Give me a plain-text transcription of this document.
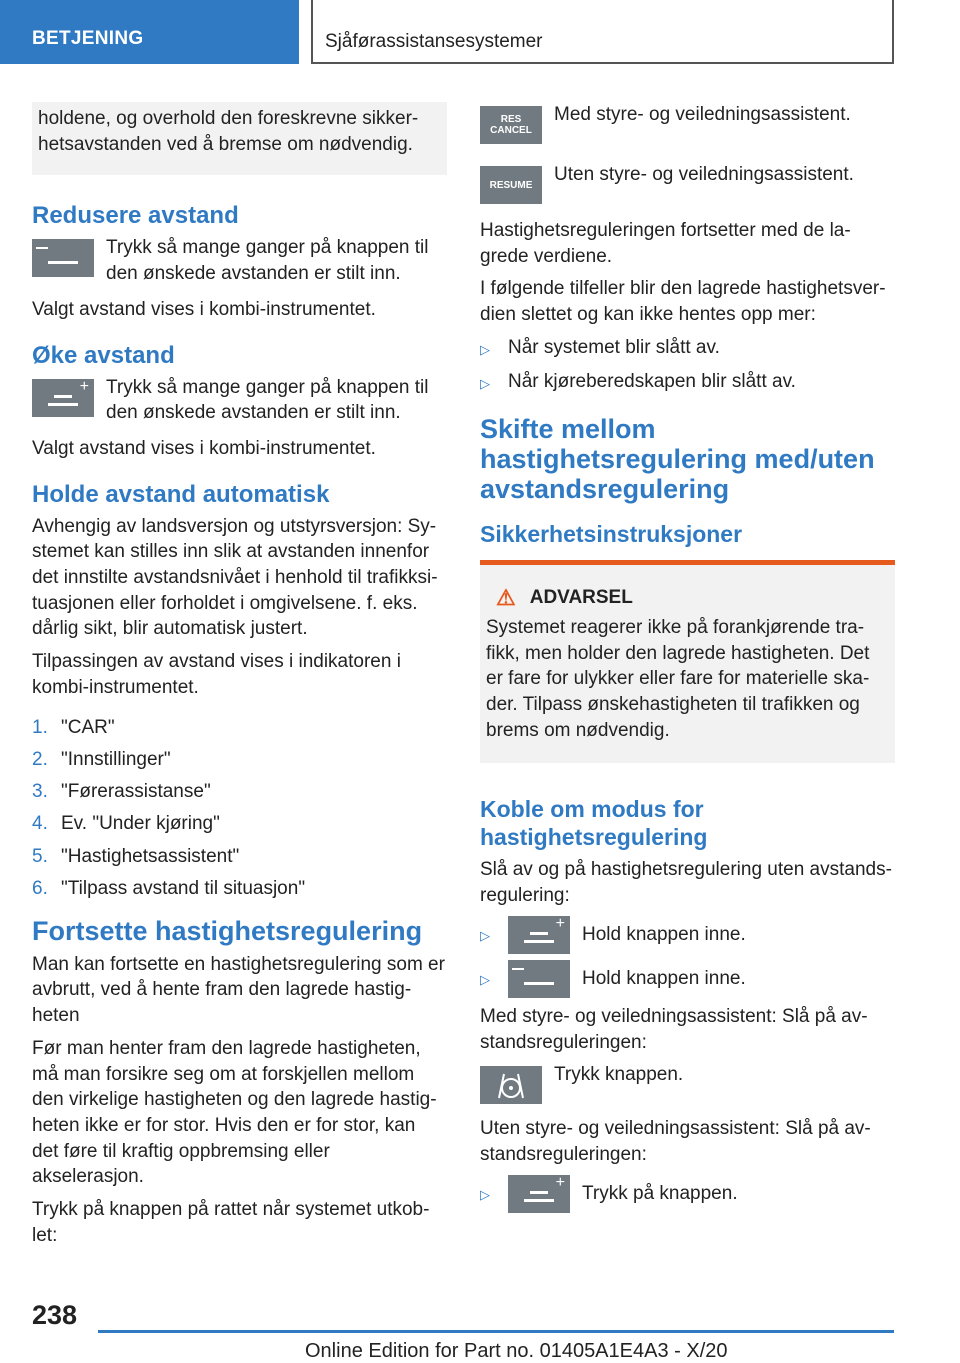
BETJENING	Sjåførassistansesystemer
holdene, og overhold den foreskrevne sikker-hetsavstanden ved å bremse om nødvendig.
Redusere avstand
Trykk så mange ganger på knappen til den ønskede avstanden er stilt inn.

Valgt avstand vises i kombi-instrumentet.

Øke avstand
+ Trykk så mange ganger på knappen til den ønskede avstanden er stilt inn.

Valgt avstand vises i kombi-instrumentet.

Holde avstand automatisk

Avhengig av landsversjon og utstyrsversjon: Sy-stemet kan stilles inn slik at avstanden innenfor det innstilte avstandsnivået i henhold til trafikksi-tuasjonen eller forholdet i omgivelsene. f. eks. dårlig sikt, blir automatisk justert.

Tilpassingen av avstand vises i indikatoren i kombi-instrumentet.

1. "CAR"
2. "Innstillinger"
3. "Førerassistanse"
4. Ev. "Under kjøring"
5. "Hastighetsassistent"
6. "Tilpass avstand til situasjon"
Fortsette hastighetsregulering

Man kan fortsette en hastighetsregulering som er avbrutt, ved å hente fram den lagrede hastig-heten

Før man henter fram den lagrede hastigheten, må man forsikre seg om at forskjellen mellom den virkelige hastigheten og den lagrede hastig-heten ikke er for stor. Hvis den er for stor, kan det føre til kraftig oppbremsing eller akselerasjon.

Trykk på knappen på rattet når systemet utkob-let:

RES
CANCEL
Med styre- og veiledningsassistent.
RESUME Uten styre- og veiledningsassistent.

Hastighetsreguleringen fortsetter med de la-grede verdiene.

I følgende tilfeller blir den lagrede hastighetsver-dien slettet og kan ikke hentes opp mer:

▷ Når systemet blir slått av.
▷ Når kjøreberedskapen blir slått av.
Skifte mellom hastighetsregulering med/uten avstandsregulering
Sikkerhetsinstruksjoner
⚠ ADVARSEL
Systemet reagerer ikke på forankjørende tra-fikk, men holder den lagrede hastigheten. Det er fare for ulykker eller fare for materielle ska-der. Tilpass ønskehastigheten til trafikken og brems om nødvendig.
Koble om modus for hastighetsregulering

Slå av og på hastighetsregulering uten avstands-regulering:

▷
+
Hold knappen inne.
▷	Hold knappen inne.

Med styre- og veiledningsassistent: Slå på av-standsreguleringen:

Trykk knappen.

Uten styre- og veiledningsassistent: Slå på av-standsreguleringen:

▷
+
Trykk på knappen.
238
Online Edition for Part no. 01405A1E4A3 - X/20
